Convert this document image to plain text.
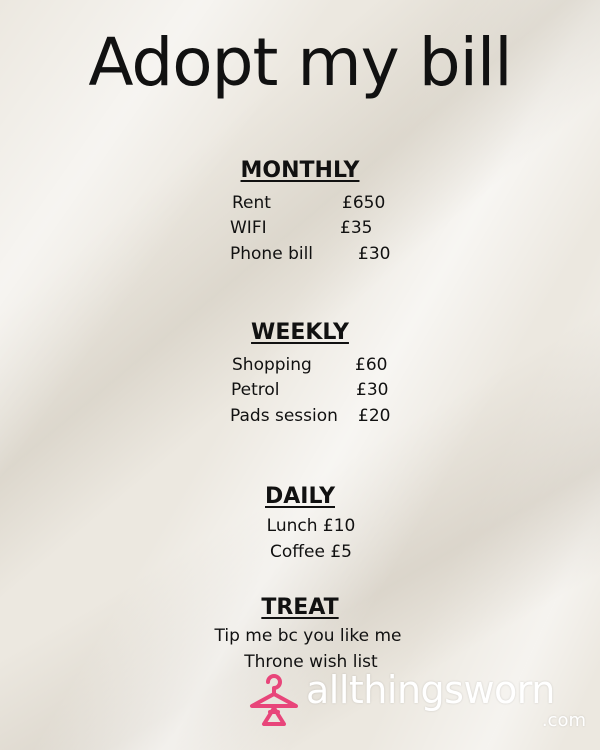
Adopt my bill
MONTHLY
Rent	£650
WIFI	£35
Phone bill	£30
WEEKLY
Shopping	£60
Petrol	£30
Pads session £20
DAILY
Lunch £10
Coffee £5
TREAT
Tip me bc you like me
Throne wish list
allthingsworn
.com
